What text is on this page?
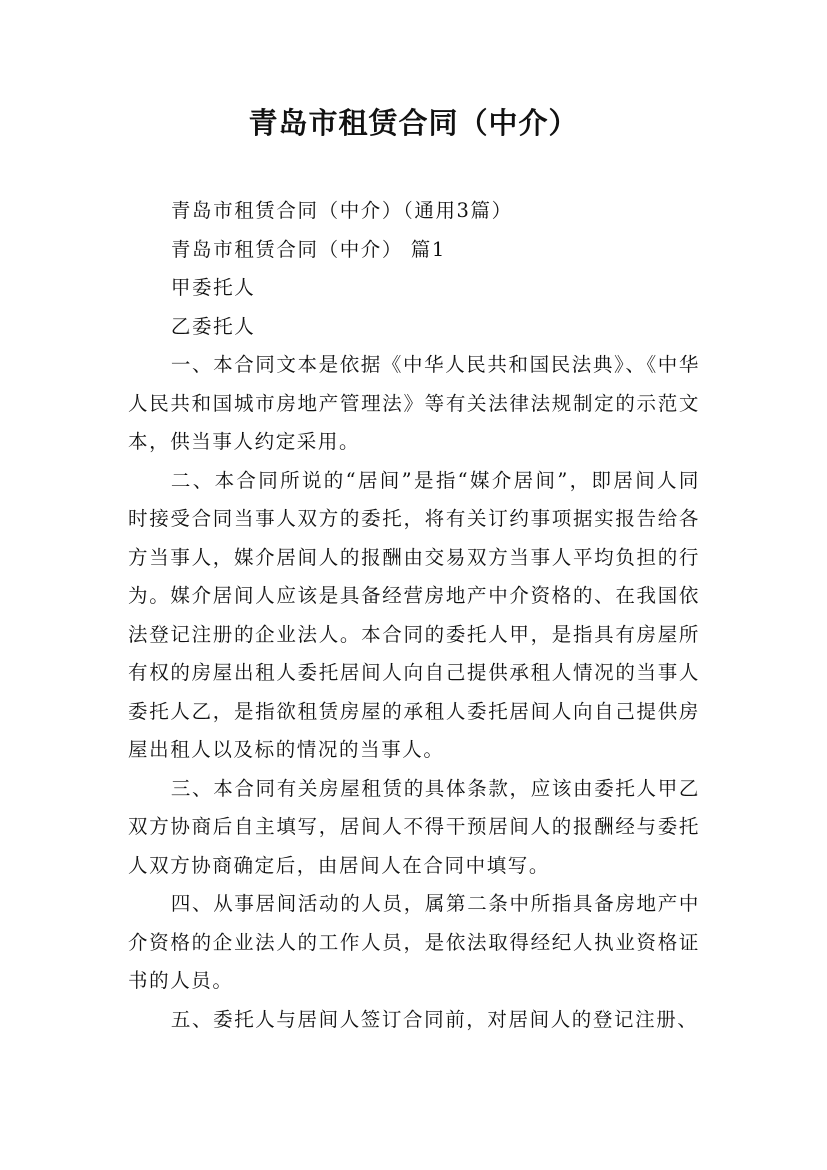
青岛市租赁合同（中介）

青岛市租赁合同（中介）（通用3篇）

青岛市租赁合同（中介） 篇1

甲委托人

乙委托人

一、本合同文本是依据《中华人民共和国民法典》、《中华人民共和国城市房地产管理法》等有关法律法规制定的示范文本，供当事人约定采用。

二、本合同所说的“居间”是指“媒介居间”，即居间人同时接受合同当事人双方的委托，将有关订约事项据实报告给各方当事人，媒介居间人的报酬由交易双方当事人平均负担的行为。媒介居间人应该是具备经营房地产中介资格的、在我国依法登记注册的企业法人。本合同的委托人甲，是指具有房屋所有权的房屋出租人委托居间人向自己提供承租人情况的当事人委托人乙，是指欲租赁房屋的承租人委托居间人向自己提供房屋出租人以及标的情况的当事人。

三、本合同有关房屋租赁的具体条款，应该由委托人甲乙双方协商后自主填写，居间人不得干预居间人的报酬经与委托人双方协商确定后，由居间人在合同中填写。

四、从事居间活动的人员，属第二条中所指具备房地产中介资格的企业法人的工作人员，是依法取得经纪人执业资格证书的人员。

五、委托人与居间人签订合同前，对居间人的登记注册、
